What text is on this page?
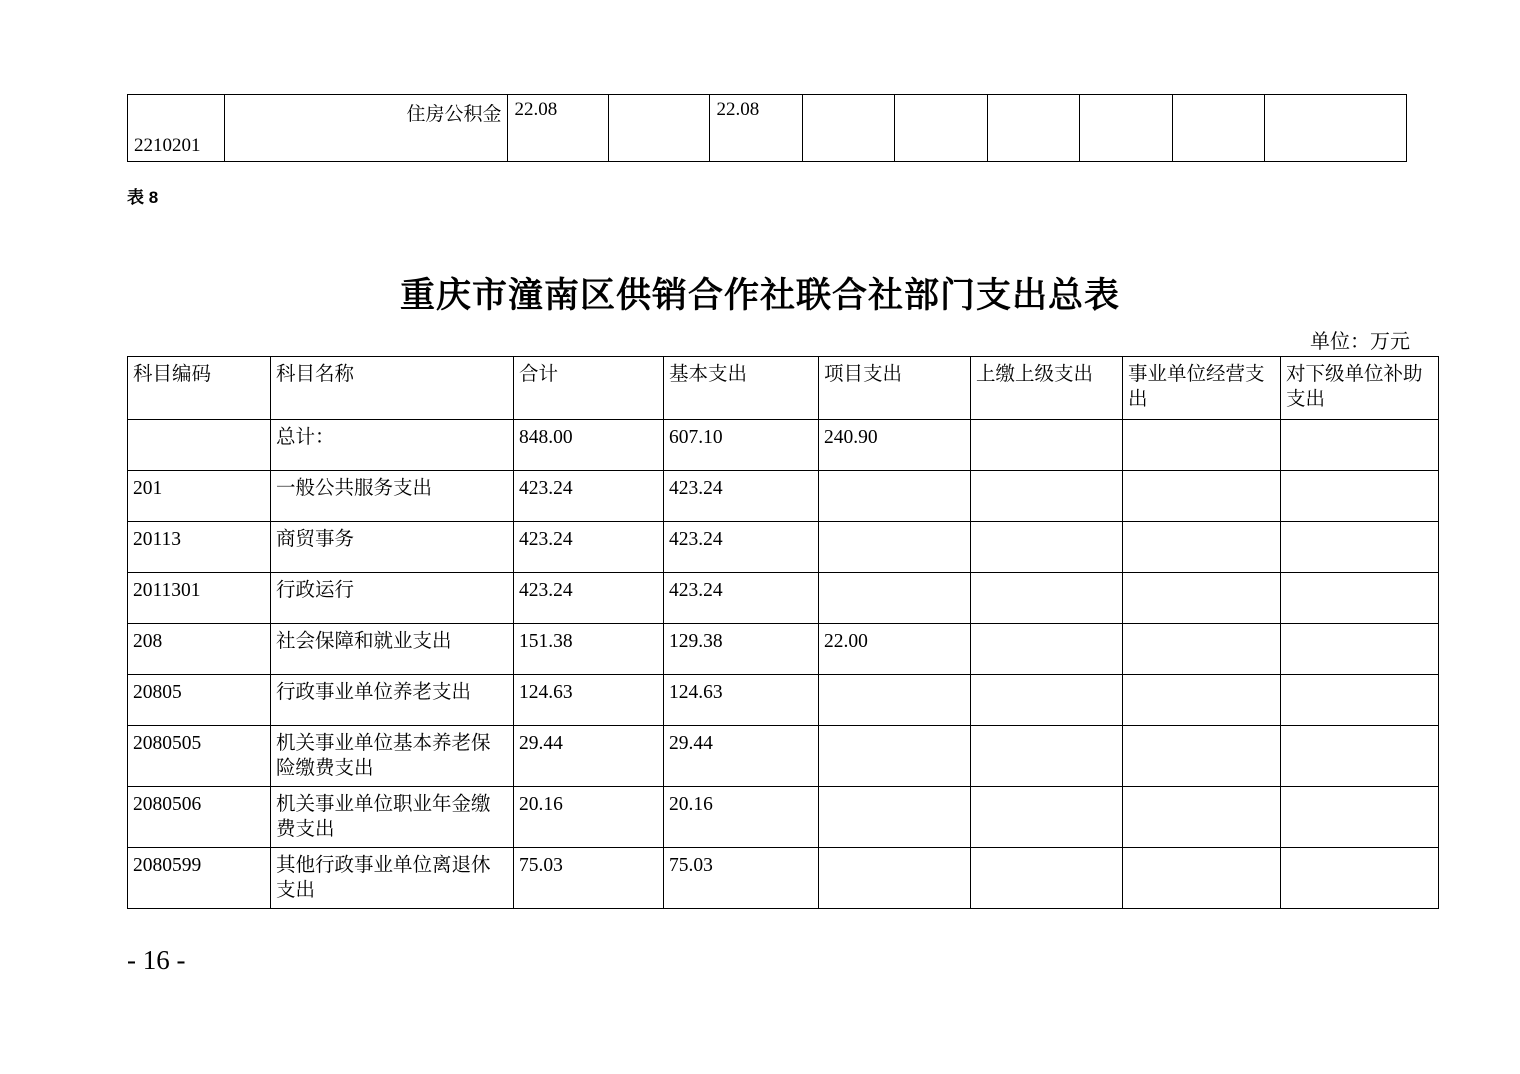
2210201	住房公积金	22.08		22.08						
表 8
重庆市潼南区供销合作社联合社部门支出总表
单位：万元
科目编码	科目名称	合计	基本支出	项目支出	上缴上级支出	事业单位经营支出	对下级单位补助支出
	总计：	848.00	607.10	240.90			
201	一般公共服务支出	423.24	423.24				
20113	商贸事务	423.24	423.24				
2011301	行政运行	423.24	423.24				
208	社会保障和就业支出	151.38	129.38	22.00			
20805	行政事业单位养老支出	124.63	124.63				
2080505	机关事业单位基本养老保险缴费支出	29.44	29.44				
2080506	机关事业单位职业年金缴费支出	20.16	20.16				
2080599	其他行政事业单位离退休支出	75.03	75.03				
- 16 -
